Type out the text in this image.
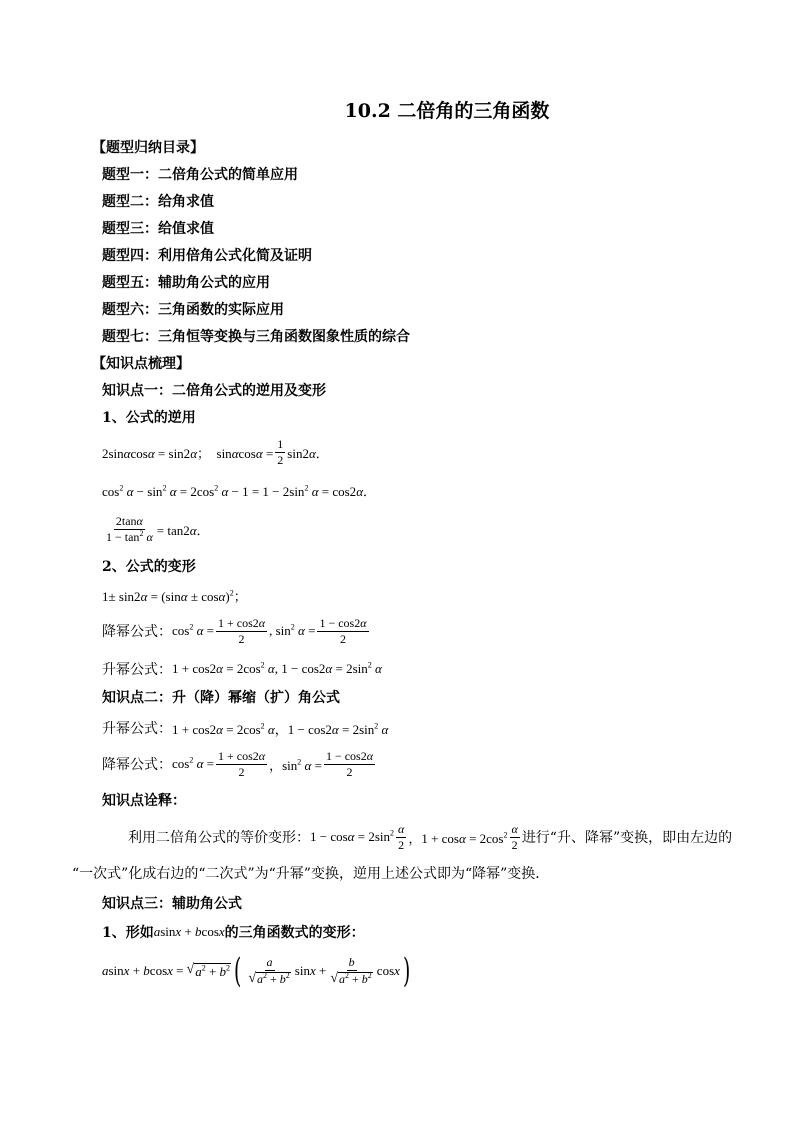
10.2 二倍角的三角函数
【题型归纳目录】
题型一：二倍角公式的简单应用
题型二：给角求值
题型三：给值求值
题型四：利用倍角公式化简及证明
题型五：辅助角公式的应用
题型六：三角函数的实际应用
题型七：三角恒等变换与三角函数图象性质的综合
【知识点梳理】
知识点一：二倍角公式的逆用及变形
1、公式的逆用
2sinαcosα = sin2α；  $\sin\alpha\cos\alpha = \frac{1}{2} \sin 2\alpha$．
$\cos^2 \alpha - \sin^2 \alpha = 2\cos^2$ $\alpha - 1 = 1 - 2\sin^2$ α = cos2α．
$\frac{2\tan\alpha}{1 - \tan^2 \alpha} = \tan 2\alpha$．
2、公式的变形
$1\pm \sin 2\alpha = (\sin\alpha \pm \cos\alpha)^2$；
降幂公式： $\cos^2 \alpha = \frac{1 + \cos 2\alpha}{2}$ , $\sin^2 \alpha = \frac{1 - \cos 2\alpha}{2}$
升幂公式： $1 + \cos 2\alpha = 2\cos^2$ α, $1 - \cos 2\alpha = 2\sin^2$ α
知识点二：升（降）幂缩（扩）角公式
升幂公式： $1 + \cos 2\alpha = 2\cos^2$ α，$1 - \cos 2\alpha = 2\sin^2$ α
降幂公式： $\cos^2 \alpha = \frac{1 + \cos 2\alpha}{2}$ ，$\sin^2 \alpha = \frac{1 - \cos 2\alpha}{2}$
知识点诠释：
利用二倍角公式的等价变形： $1 - \cos\alpha = 2\sin^2 \frac{\alpha}{2}$ ，$1 + \cos\alpha = 2\cos^2 \frac{\alpha}{2}$ 进行“升、降幂”变换，即由左边的
“一次式”化成右边的“二次式”为“升幂”变换，逆用上述公式即为“降幂”变换．
知识点三：辅助角公式
1、形如 asinx + bcosx 的三角函数式的变形：
asinx + bcosx = √ $a^2 + b^2$ ( $\frac{a}{√ a^2 + b^2}$ $\sin x + \frac{b}{√ a^2 + b^2}$ cosx )
